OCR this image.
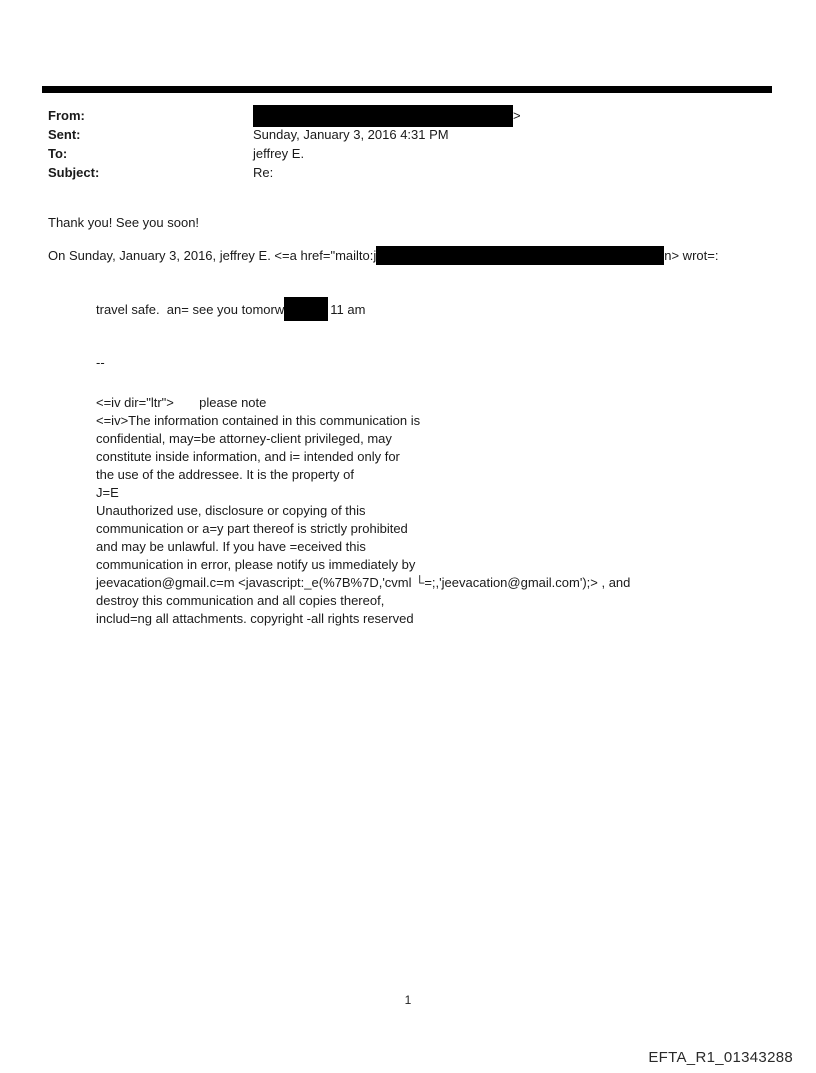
From:	>
Sent:	Sunday, January 3, 2016 4:31 PM
To:	jeffrey E.
Subject:	Re:
Thank you! See you soon!
On Sunday, January 3, 2016, jeffrey E. <=a href="mailto:j	n> wrot=:
travel safe.  an= see you tomorw	11 am
--
<=iv dir="ltr">       please note
<=iv>The information contained in this communication is
confidential, may=be attorney-client privileged, may
constitute inside information, and i= intended only for
the use of the addressee. It is the property of
J=E
Unauthorized use, disclosure or copying of this
communication or a=y part thereof is strictly prohibited
and may be unlawful. If you have =eceived this
communication in error, please notify us immediately by
jeevacation@gmail.c=m <javascript:_e(%7B%7D,'cvml └=;,'jeevacation@gmail.com');> , and
destroy this communication and all copies thereof,
includ=ng all attachments. copyright -all rights reserved
1
EFTA_R1_01343288
